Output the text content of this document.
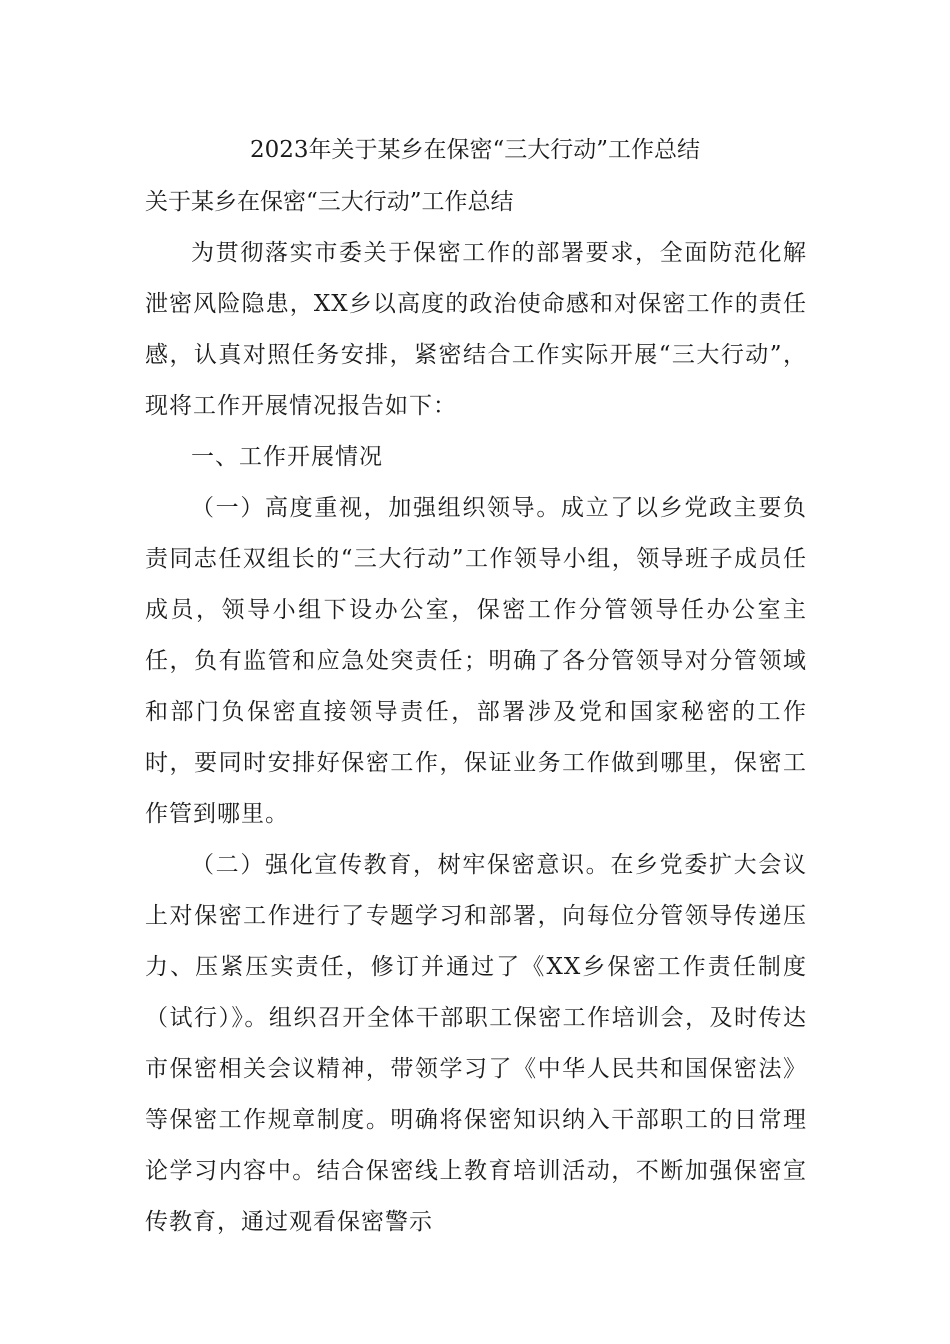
2023年关于某乡在保密“三大行动”工作总结
关于某乡在保密“三大行动”工作总结

为贯彻落实市委关于保密工作的部署要求，全面防范化解泄密风险隐患，XX乡以高度的政治使命感和对保密工作的责任感，认真对照任务安排，紧密结合工作实际开展“三大行动”，现将工作开展情况报告如下：

一、工作开展情况

（一）高度重视，加强组织领导。成立了以乡党政主要负责同志任双组长的“三大行动”工作领导小组，领导班子成员任成员，领导小组下设办公室，保密工作分管领导任办公室主任，负有监管和应急处突责任；明确了各分管领导对分管领域和部门负保密直接领导责任，部署涉及党和国家秘密的工作时，要同时安排好保密工作，保证业务工作做到哪里，保密工作管到哪里。

（二）强化宣传教育，树牢保密意识。在乡党委扩大会议上对保密工作进行了专题学习和部署，向每位分管领导传递压力、压紧压实责任，修订并通过了《XX乡保密工作责任制度（试行）》。组织召开全体干部职工保密工作培训会，及时传达市保密相关会议精神，带领学习了《中华人民共和国保密法》等保密工作规章制度。明确将保密知识纳入干部职工的日常理论学习内容中。结合保密线上教育培训活动，不断加强保密宣传教育，通过观看保密警示
